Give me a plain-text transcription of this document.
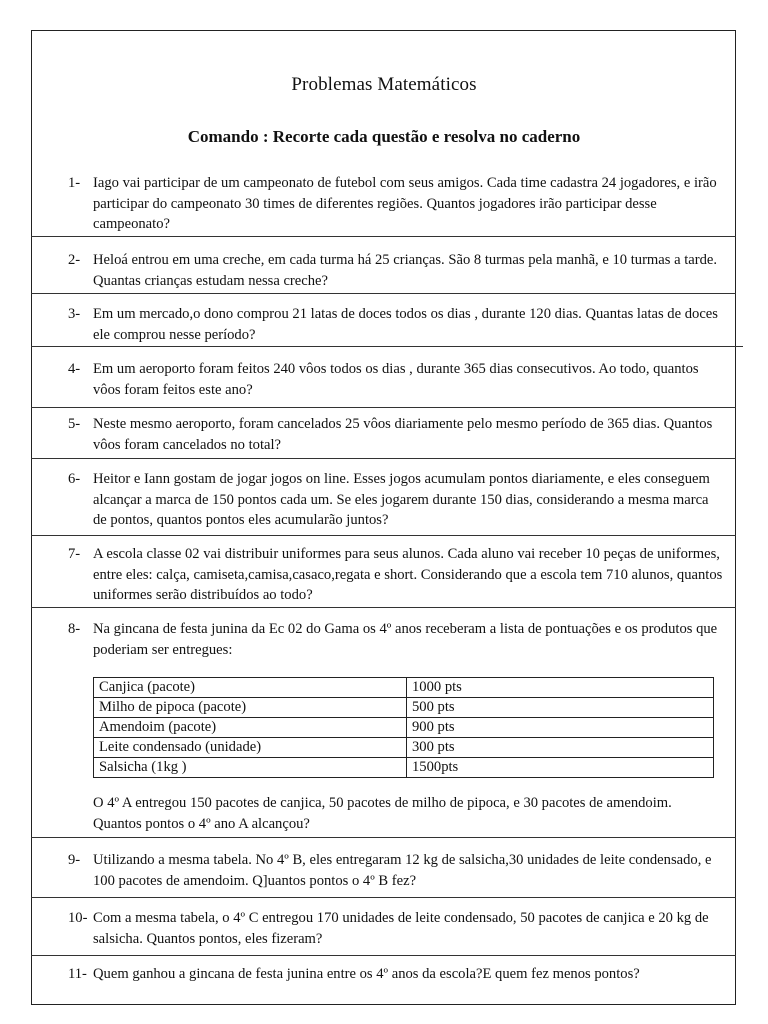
Problemas Matemáticos
Comando : Recorte cada questão e resolva no caderno
1- Iago vai participar de um campeonato de futebol com seus amigos. Cada time cadastra 24 jogadores, e irão participar do campeonato 30 times de diferentes regiões. Quantos jogadores irão participar desse campeonato?
2- Heloá entrou em uma creche, em cada turma há 25 crianças. São 8 turmas pela manhã, e 10 turmas a tarde. Quantas crianças estudam nessa creche?
3- Em um mercado,o dono comprou 21 latas de doces todos os dias , durante 120 dias. Quantas latas de doces ele comprou nesse período?
4- Em um aeroporto foram feitos 240 vôos todos os dias , durante 365 dias consecutivos. Ao todo, quantos vôos foram feitos este ano?
5- Neste mesmo aeroporto, foram cancelados 25 vôos diariamente pelo mesmo período de 365 dias. Quantos vôos foram cancelados no total?
6- Heitor e Iann gostam de jogar jogos on line. Esses jogos acumulam pontos diariamente, e eles conseguem alcançar a marca de 150 pontos cada um. Se eles jogarem durante 150 dias, considerando a mesma marca de pontos, quantos pontos eles acumularão juntos?
7- A escola classe 02 vai distribuir uniformes para seus alunos. Cada aluno vai receber 10 peças de uniformes, entre eles: calça, camiseta,camisa,casaco,regata e short. Considerando que a escola tem 710 alunos, quantos uniformes serão distribuídos ao todo?
8- Na gincana de festa junina da Ec 02 do Gama os 4º anos receberam a lista de pontuações e os produtos que poderiam ser entregues:
Canjica (pacote)	1000 pts
Milho de pipoca (pacote)	500 pts
Amendoim (pacote)	900 pts
Leite condensado (unidade)	300 pts
Salsicha (1kg )	1500pts
O 4º A entregou 150 pacotes de canjica, 50 pacotes de milho de pipoca, e 30 pacotes de amendoim. Quantos pontos o 4º ano A alcançou?
9- Utilizando a mesma tabela. No 4º B, eles entregaram 12 kg de salsicha,30 unidades de leite condensado, e 100 pacotes de amendoim. Q]uantos pontos o 4º B fez?
10- Com a mesma tabela, o 4º C entregou 170 unidades de leite condensado, 50 pacotes de canjica e 20 kg de salsicha. Quantos pontos, eles fizeram?
11- Quem ganhou a gincana de festa junina entre os 4º anos da escola?E quem fez menos pontos?
